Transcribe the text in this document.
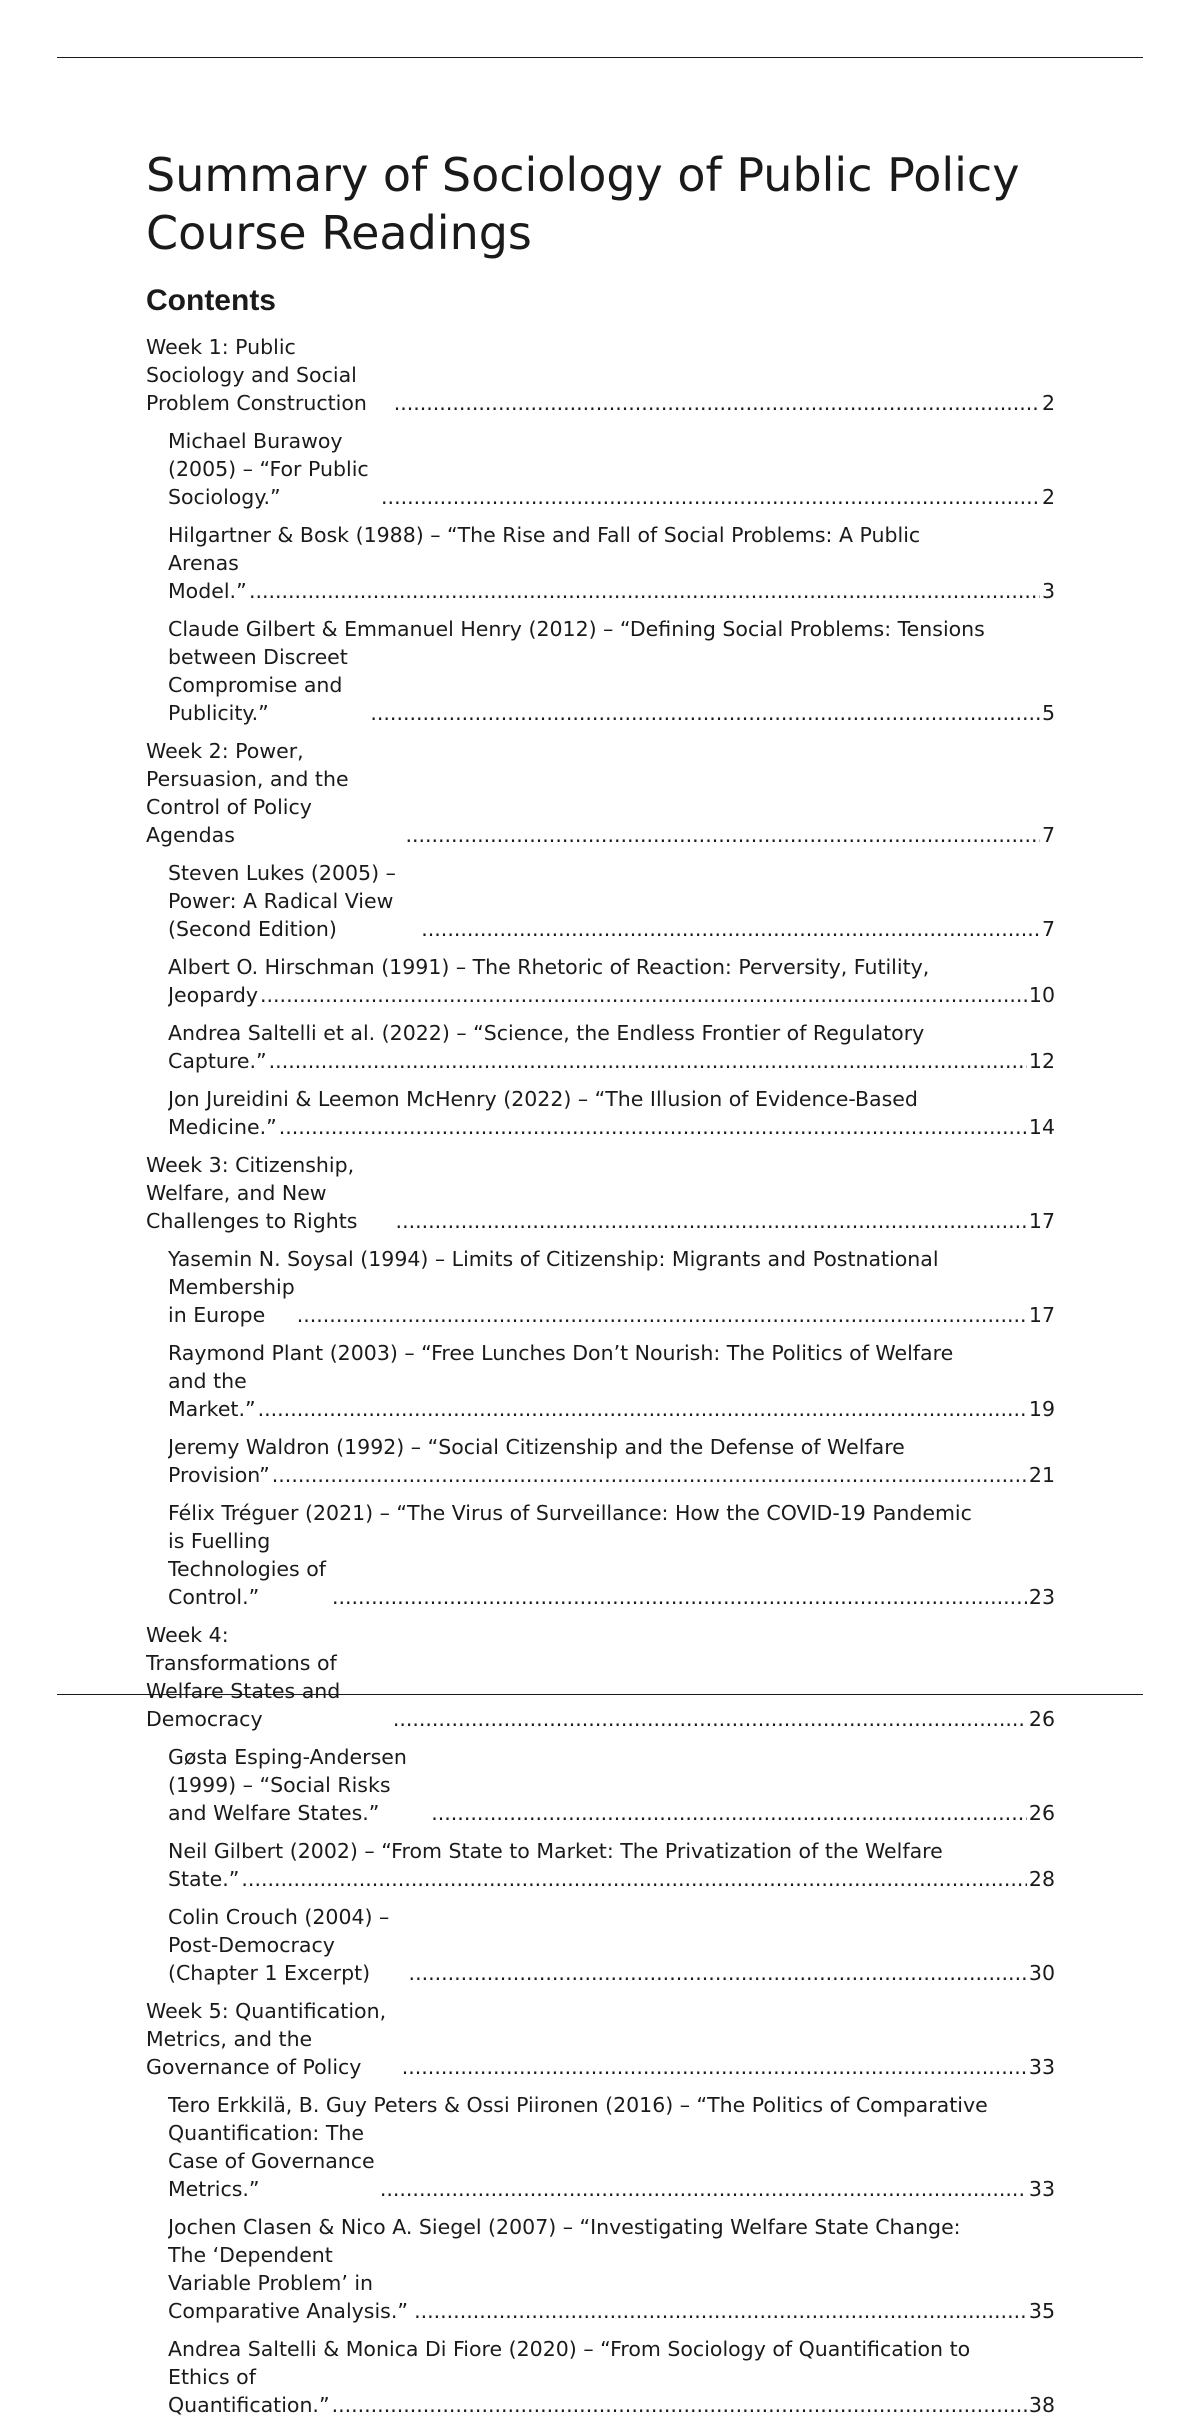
Summary of Sociology of Public Policy Course Readings
Contents
Week 1: Public Sociology and Social Problem Construction .....	2
Michael Burawoy (2005) – “For Public Sociology.” .....	2
Hilgartner & Bosk (1988) – “The Rise and Fall of Social Problems: A Public
Arenas Model.” .....	3
Claude Gilbert & Emmanuel Henry (2012) – “Defining Social Problems: Tensions
between Discreet Compromise and Publicity.” .....	5
Week 2: Power, Persuasion, and the Control of Policy Agendas .....	7
Steven Lukes (2005) – Power: A Radical View (Second Edition) .....	7
Albert O. Hirschman (1991) – The Rhetoric of Reaction: Perversity, Futility,
Jeopardy .....	10
Andrea Saltelli et al. (2022) – “Science, the Endless Frontier of Regulatory
Capture.” .....	12
Jon Jureidini & Leemon McHenry (2022) – “The Illusion of Evidence-Based
Medicine.” .....	14
Week 3: Citizenship, Welfare, and New Challenges to Rights .....	17
Yasemin N. Soysal (1994) – Limits of Citizenship: Migrants and Postnational
Membership in Europe .....	17
Raymond Plant (2003) – “Free Lunches Don’t Nourish: The Politics of Welfare
and the Market.” .....	19
Jeremy Waldron (1992) – “Social Citizenship and the Defense of Welfare
Provision” .....	21
Félix Tréguer (2021) – “The Virus of Surveillance: How the COVID-19 Pandemic
is Fuelling Technologies of Control.” .....	23
Week 4: Transformations of Welfare States and Democracy .....	26
Gøsta Esping-Andersen (1999) – “Social Risks and Welfare States.” .....	26
Neil Gilbert (2002) – “From State to Market: The Privatization of the Welfare
State.” .....	28
Colin Crouch (2004) – Post-Democracy (Chapter 1 Excerpt) .....	30
Week 5: Quantification, Metrics, and the Governance of Policy .....	33
Tero Erkkilä, B. Guy Peters & Ossi Piironen (2016) – “The Politics of Comparative
Quantification: The Case of Governance Metrics.” .....	33
Jochen Clasen & Nico A. Siegel (2007) – “Investigating Welfare State Change:
The ‘Dependent Variable Problem’ in Comparative Analysis.” .....	35
Andrea Saltelli & Monica Di Fiore (2020) – “From Sociology of Quantification to
Ethics of Quantification.” .....	38
